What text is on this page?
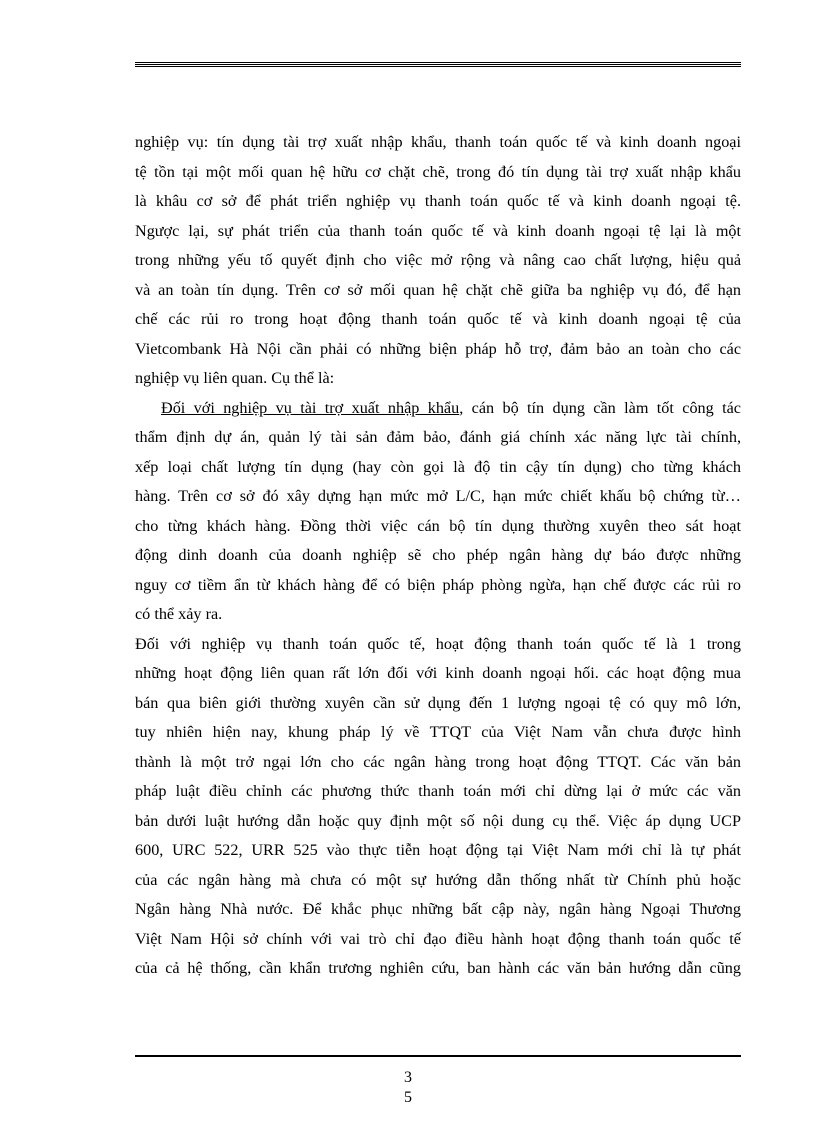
nghiệp vụ: tín dụng tài trợ xuất nhập khẩu, thanh toán quốc tế và kinh doanh ngoại
tệ tồn tại một mối quan hệ hữu cơ chặt chẽ, trong đó tín dụng tài trợ xuất nhập khẩu
là khâu cơ sở để phát triển nghiệp vụ thanh toán quốc tế và kinh doanh ngoại tệ.
Ngược lại, sự phát triển của thanh toán quốc tế và kinh doanh ngoại tệ lại là một
trong những yếu tố quyết định cho việc mở rộng và nâng cao chất lượng, hiệu quả
và an toàn tín dụng. Trên cơ sở mối quan hệ chặt chẽ giữa ba nghiệp vụ đó, để hạn
chế các rủi ro trong hoạt động thanh toán quốc tế và kinh doanh ngoại tệ của
Vietcombank Hà Nội cần phải có những biện pháp hỗ trợ, đảm bảo an toàn cho các
nghiệp vụ liên quan. Cụ thể là:
Đối với nghiệp vụ tài trợ xuất nhập khẩu, cán bộ tín dụng cần làm tốt công tác
thẩm định dự án, quản lý tài sản đảm bảo, đánh giá chính xác năng lực tài chính,
xếp loại chất lượng tín dụng (hay còn gọi là độ tin cậy tín dụng) cho từng khách
hàng. Trên cơ sở đó xây dựng hạn mức mở L/C, hạn mức chiết khấu bộ chứng từ…
cho từng khách hàng. Đồng thời việc cán bộ tín dụng thường xuyên theo sát hoạt
động dinh doanh của doanh nghiệp sẽ cho phép ngân hàng dự báo được những
nguy cơ tiềm ẩn từ khách hàng để có biện pháp phòng ngừa, hạn chế được các rủi ro
có thể xảy ra.
Đối với nghiệp vụ thanh toán quốc tế, hoạt động thanh toán quốc tế là 1 trong
những hoạt động liên quan rất lớn đối với kinh doanh ngoại hối. các hoạt động mua
bán qua biên giới thường xuyên cần sử dụng đến 1 lượng ngoại tệ có quy mô lớn,
tuy nhiên hiện nay, khung pháp lý về TTQT của Việt Nam vẫn chưa được hình
thành là một trở ngại lớn cho các ngân hàng trong hoạt động TTQT. Các văn bản
pháp luật điều chỉnh các phương thức thanh toán mới chỉ dừng lại ở mức các văn
bản dưới luật hướng dẫn hoặc quy định một số nội dung cụ thể. Việc áp dụng UCP
600, URC 522, URR 525 vào thực tiễn hoạt động tại Việt Nam mới chỉ là tự phát
của các ngân hàng mà chưa có một sự hướng dẫn thống nhất từ Chính phủ hoặc
Ngân hàng Nhà nước. Để khắc phục những bất cập này, ngân hàng Ngoại Thương
Việt Nam Hội sở chính với vai trò chỉ đạo điều hành hoạt động thanh toán quốc tế
của cả hệ thống, cần khẩn trương nghiên cứu, ban hành các văn bản hướng dẫn cũng
3
5
